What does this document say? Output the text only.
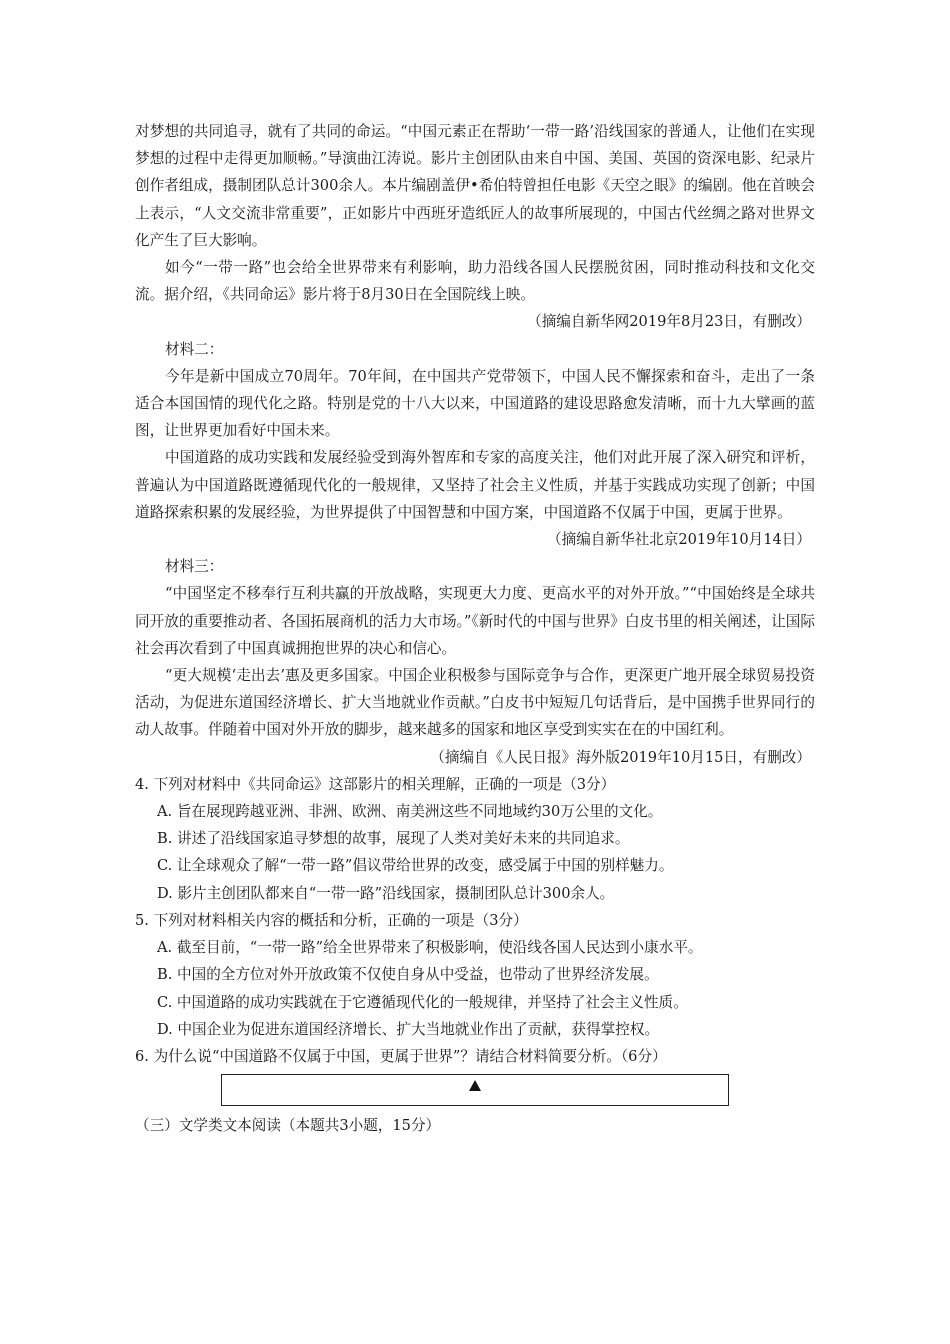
对梦想的共同追寻，就有了共同的命运。“中国元素正在帮助‘一带一路’沿线国家的普通人，让他们在实现梦想的过程中走得更加顺畅。”导演曲江涛说。影片主创团队由来自中国、美国、英国的资深电影、纪录片创作者组成，摄制团队总计300余人。本片编剧盖伊•希伯特曾担任电影《天空之眼》的编剧。他在首映会上表示，“人文交流非常重要”，正如影片中西班牙造纸匠人的故事所展现的，中国古代丝绸之路对世界文化产生了巨大影响。

如今“一带一路”也会给全世界带来有利影响，助力沿线各国人民摆脱贫困，同时推动科技和文化交流。据介绍，《共同命运》影片将于8月30日在全国院线上映。

（摘编自新华网2019年8月23日，有删改）

材料二：

今年是新中国成立70周年。70年间，在中国共产党带领下，中国人民不懈探索和奋斗，走出了一条适合本国国情的现代化之路。特别是党的十八大以来，中国道路的建设思路愈发清晰，而十九大擘画的蓝图，让世界更加看好中国未来。

中国道路的成功实践和发展经验受到海外智库和专家的高度关注，他们对此开展了深入研究和评析，普遍认为中国道路既遵循现代化的一般规律，又坚持了社会主义性质，并基于实践成功实现了创新；中国道路探索积累的发展经验，为世界提供了中国智慧和中国方案，中国道路不仅属于中国，更属于世界。

（摘编自新华社北京2019年10月14日）

材料三：

“中国坚定不移奉行互利共赢的开放战略，实现更大力度、更高水平的对外开放。”“中国始终是全球共同开放的重要推动者、各国拓展商机的活力大市场。”《新时代的中国与世界》白皮书里的相关阐述，让国际社会再次看到了中国真诚拥抱世界的决心和信心。

“更大规模‘走出去’惠及更多国家。中国企业积极参与国际竞争与合作，更深更广地开展全球贸易投资活动，为促进东道国经济增长、扩大当地就业作贡献。”白皮书中短短几句话背后，是中国携手世界同行的动人故事。伴随着中国对外开放的脚步，越来越多的国家和地区享受到实实在在的中国红利。

（摘编自《人民日报》海外版2019年10月15日，有删改）

4. 下列对材料中《共同命运》这部影片的相关理解，正确的一项是（3分）

A. 旨在展现跨越亚洲、非洲、欧洲、南美洲这些不同地域约30万公里的文化。

B. 讲述了沿线国家追寻梦想的故事，展现了人类对美好未来的共同追求。

C. 让全球观众了解“一带一路”倡议带给世界的改变，感受属于中国的别样魅力。

D. 影片主创团队都来自“一带一路”沿线国家，摄制团队总计300余人。

5. 下列对材料相关内容的概括和分析，正确的一项是（3分）

A. 截至目前，“一带一路”给全世界带来了积极影响，使沿线各国人民达到小康水平。

B. 中国的全方位对外开放政策不仅使自身从中受益，也带动了世界经济发展。

C. 中国道路的成功实践就在于它遵循现代化的一般规律，并坚持了社会主义性质。

D. 中国企业为促进东道国经济增长、扩大当地就业作出了贡献，获得掌控权。

6. 为什么说“中国道路不仅属于中国，更属于世界”？请结合材料简要分析。（6分）

（三）文学类文本阅读（本题共3小题，15分）
